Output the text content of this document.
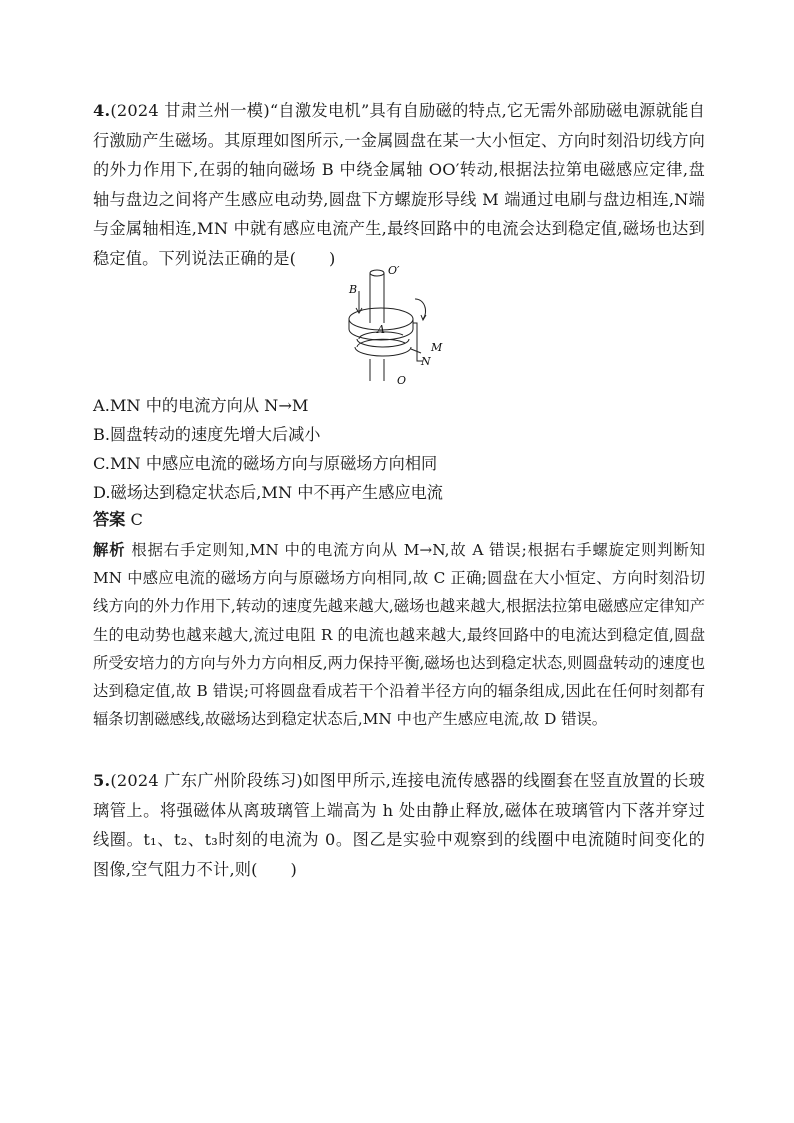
4.(2024 甘肃兰州一模)“自激发电机”具有自励磁的特点,它无需外部励磁电源就能自行激励产生磁场。其原理如图所示,一金属圆盘在某一大小恒定、方向时刻沿切线方向的外力作用下,在弱的轴向磁场 B 中绕金属轴 OO′转动,根据法拉第电磁感应定律,盘轴与盘边之间将产生感应电动势,圆盘下方螺旋形导线 M 端通过电刷与盘边相连,N端与金属轴相连,MN 中就有感应电流产生,最终回路中的电流会达到稳定值,磁场也达到稳定值。下列说法正确的是(　　)
O′
B
A
M
N
O
A.MN 中的电流方向从 N→M
B.圆盘转动的速度先增大后减小
C.MN 中感应电流的磁场方向与原磁场方向相同
D.磁场达到稳定状态后,MN 中不再产生感应电流
答案 C
解析 根据右手定则知,MN 中的电流方向从 M→N,故 A 错误;根据右手螺旋定则判断知 MN 中感应电流的磁场方向与原磁场方向相同,故 C 正确;圆盘在大小恒定、方向时刻沿切线方向的外力作用下,转动的速度先越来越大,磁场也越来越大,根据法拉第电磁感应定律知产生的电动势也越来越大,流过电阻 R 的电流也越来越大,最终回路中的电流达到稳定值,圆盘所受安培力的方向与外力方向相反,两力保持平衡,磁场也达到稳定状态,则圆盘转动的速度也达到稳定值,故 B 错误;可将圆盘看成若干个沿着半径方向的辐条组成,因此在任何时刻都有辐条切割磁感线,故磁场达到稳定状态后,MN 中也产生感应电流,故 D 错误。
5.(2024 广东广州阶段练习)如图甲所示,连接电流传感器的线圈套在竖直放置的长玻璃管上。将强磁体从离玻璃管上端高为 h 处由静止释放,磁体在玻璃管内下落并穿过线圈。t₁、t₂、t₃时刻的电流为 0。图乙是实验中观察到的线圈中电流随时间变化的图像,空气阻力不计,则(　　)
